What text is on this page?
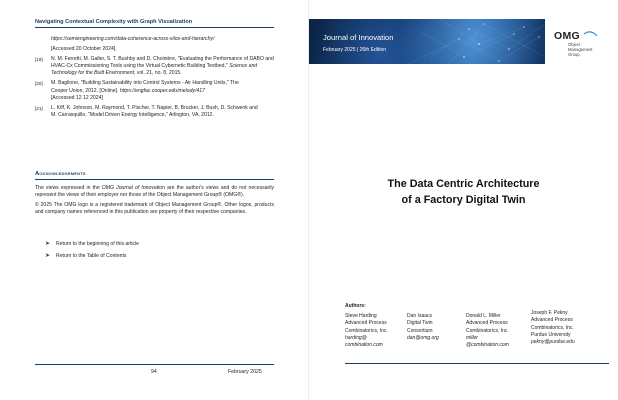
Navigating Contextual Complexity with Graph Visualization
https://semiengineering.com/data-coherence-across-silos-and-hierarchy/
[Accessed 20 October 2024].
[19] N. M. Ferretti, M. Galler, S. T. Bushby and D. Choinière, "Evaluating the Performance of DABO and HVAC-Cx Commissioning Tools using the Virtual Cybernetic Building Testbed," Science and Technology for the Built Environment, vol. 21, no. 8, 2015.
[20] M. Baglione, "Building Sustainability into Control Systems - Air Handling Units," The
Cooper Union, 2012. [Online]. https://engfac.cooper.edu/melody/417
[Accessed 12 12 2024]
[21] L. Kiff, K. Johnson, M. Raymond, T. Pischer, T. Napier, B. Brucker, J. Bush, D. Schwenk and
M. Carrasquillo, "Model Driven Energy Intelligence," Arlington, VA, 2012.
Acknowledgements

The views expressed in the OMG Journal of Innovation are the author's views and do not necessarily represent the views of their employer nor those of the Object Management Group® (OMG®).

© 2025 The OMG logo is a registered trademark of Object Management Group®. Other logos, products and company names referenced in this publication are property of their respective companies.

➤ Return to the beginning of this article
➤ Return to the Table of Contents
94	February 2025
Journal of Innovation
February 2025 | 26th Edition
OMG
Object
Management
Group.
The Data Centric Architecture
of a Factory Digital Twin
Authors:
Steve Harding
Advanced Process
Combinatorics, Inc.
harding@
combination.com
Dan Isaacs
Digital Twin
Consortium
dan@omg.org
Donald L. Miller
Advanced Process
Combinatorics, Inc.
miller
@combination.com
Joseph F. Pekny
Advanced Process
Combinatorics, Inc.
Purdue University
pekny@purdue.edu
